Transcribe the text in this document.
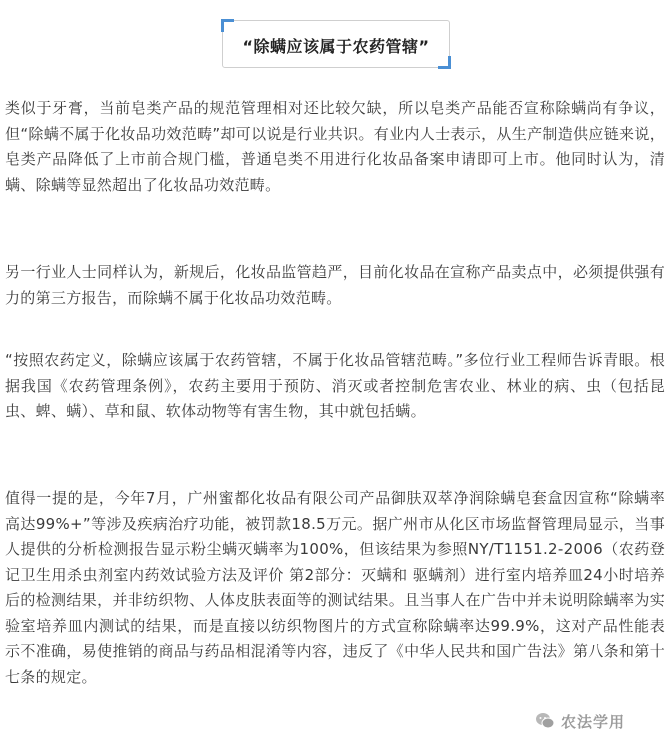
“除螨应该属于农药管辖”

类似于牙膏，当前皂类产品的规范管理相对还比较欠缺，所以皂类产品能否宣称除螨尚有争议，但“除螨不属于化妆品功效范畴”却可以说是行业共识。有业内人士表示，从生产制造供应链来说，皂类产品降低了上市前合规门槛，普通皂类不用进行化妆品备案申请即可上市。他同时认为，清螨、除螨等显然超出了化妆品功效范畴。

另一行业人士同样认为，新规后，化妆品监管趋严，目前化妆品在宣称产品卖点中，必须提供强有力的第三方报告，而除螨不属于化妆品功效范畴。

“按照农药定义，除螨应该属于农药管辖，不属于化妆品管辖范畴。”多位行业工程师告诉青眼。根据我国《农药管理条例》，农药主要用于预防、消灭或者控制危害农业、林业的病、虫（包括昆虫、蜱、螨）、草和鼠、软体动物等有害生物，其中就包括螨。

值得一提的是，今年7月，广州蜜都化妆品有限公司产品御肤双萃净润除螨皂套盒因宣称“除螨率高达99%+”等涉及疾病治疗功能，被罚款18.5万元。据广州市从化区市场监督管理局显示，当事人提供的分析检测报告显示粉尘螨灭螨率为100%，但该结果为参照NY/T1151.2-2006（农药登记卫生用杀虫剂室内药效试验方法及评价 第2部分：灭螨和 驱螨剂）进行室内培养皿24小时培养后的检测结果，并非纺织物、人体皮肤表面等的测试结果。且当事人在广告中并未说明除螨率为实验室培养皿内测试的结果，而是直接以纺织物图片的方式宣称除螨率达99.9%，这对产品性能表示不准确，易使推销的商品与药品相混淆等内容，违反了《中华人民共和国广告法》第八条和第十七条的规定。

农法学用
